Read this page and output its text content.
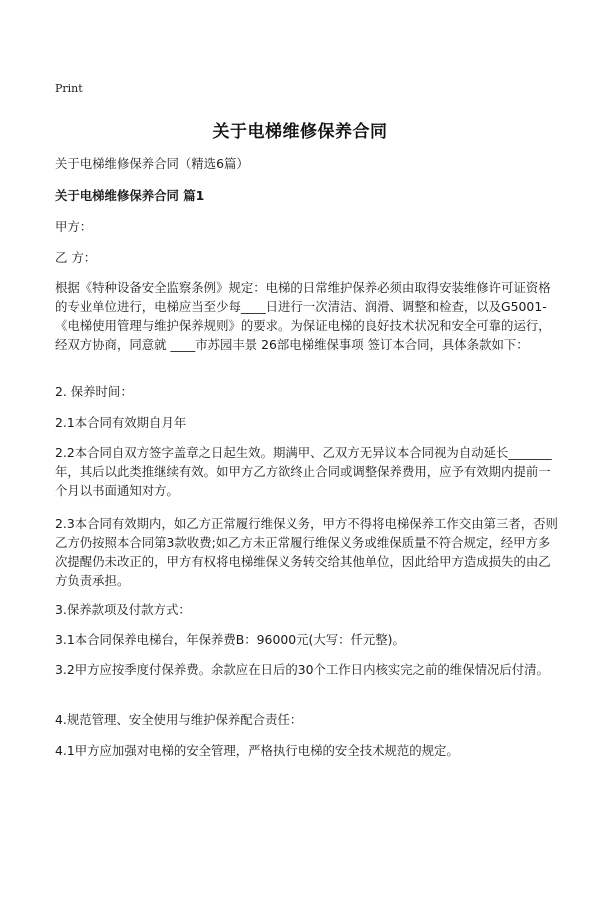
Print
关于电梯维修保养合同

关于电梯维修保养合同（精选6篇）

关于电梯维修保养合同 篇1

甲方：

乙 方：

根据《特种设备安全监察条例》规定：电梯的日常维护保养必须由取得安装维修许可证资格的专业单位进行，电梯应当至少每____日进行一次清洁、润滑、调整和检查，以及G5001-《电梯使用管理与维护保养规则》的要求。为保证电梯的良好技术状况和安全可靠的运行，经双方协商，同意就 ____市苏园丰景 26部电梯维保事项 签订本合同，具体条款如下：

2. 保养时间：

2.1本合同有效期自月年

2.2本合同自双方签字盖章之日起生效。期满甲、乙双方无异议本合同视为自动延长_______年，其后以此类推继续有效。如甲方乙方欲终止合同或调整保养费用，应予有效期内提前一个月以书面通知对方。

2.3本合同有效期内，如乙方正常履行维保义务，甲方不得将电梯保养工作交由第三者，否则乙方仍按照本合同第3款收费;如乙方未正常履行维保义务或维保质量不符合规定，经甲方多次提醒仍未改正的，甲方有权将电梯维保义务转交给其他单位，因此给甲方造成损失的由乙方负责承担。

3.保养款项及付款方式：

3.1本合同保养电梯台，年保养费B：96000元(大写：仟元整)。

3.2甲方应按季度付保养费。余款应在日后的30个工作日内核实完之前的维保情况后付清。

4.规范管理、安全使用与维护保养配合责任：

4.1甲方应加强对电梯的安全管理，严格执行电梯的安全技术规范的规定。
